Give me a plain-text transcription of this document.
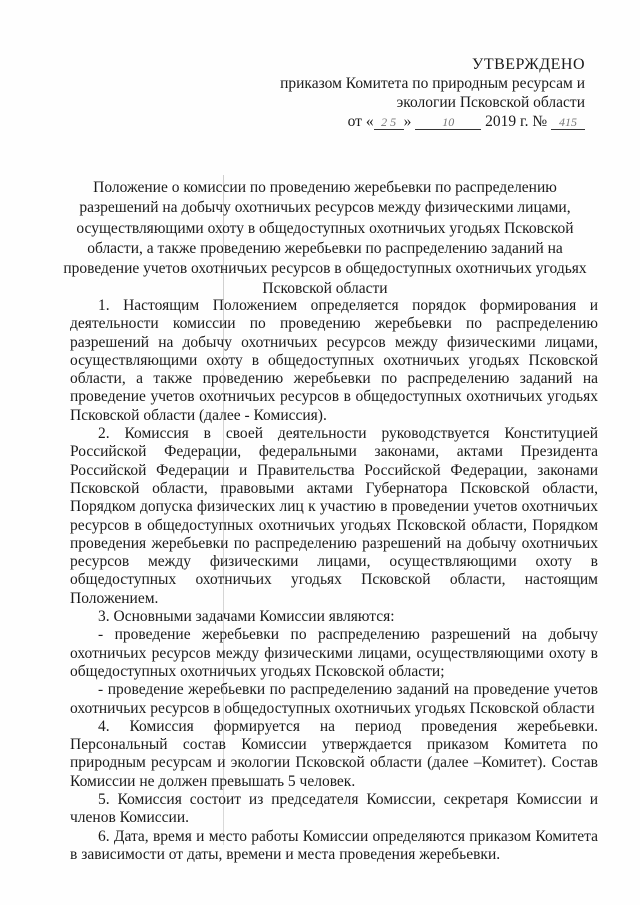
УТВЕРЖДЕНО
приказом Комитета по природным ресурсам и
экологии Псковской области
от « 2 5 »	10 2019 г. № 415
Положение о комиссии по проведению жеребьевки по распределению разрешений на добычу охотничьих ресурсов между физическими лицами, осуществляющими охоту в общедоступных охотничьих угодьях Псковской области, а также проведению жеребьевки по распределению заданий на проведение учетов охотничьих ресурсов в общедоступных охотничьих угодьях Псковской области

1. Настоящим Положением определяется порядок формирования и деятельности комиссии по проведению жеребьевки по распределению разрешений на добычу охотничьих ресурсов между физическими лицами, осуществляющими охоту в общедоступных охотничьих угодьях Псковской области, а также проведению жеребьевки по распределению заданий на проведение учетов охотничьих ресурсов в общедоступных охотничьих угодьях Псковской области (далее - Комиссия).

2. Комиссия в своей деятельности руководствуется Конституцией Российской Федерации, федеральными законами, актами Президента Российской Федерации и Правительства Российской Федерации, законами Псковской области, правовыми актами Губернатора Псковской области, Порядком допуска физических лиц к участию в проведении учетов охотничьих ресурсов в общедоступных охотничьих угодьях Псковской области, Порядком проведения жеребьевки по распределению разрешений на добычу охотничьих ресурсов между физическими лицами, осуществляющими охоту в общедоступных охотничьих угодьях Псковской области, настоящим Положением.

3. Основными задачами Комиссии являются:

- проведение жеребьевки по распределению разрешений на добычу охотничьих ресурсов между физическими лицами, осуществляющими охоту в общедоступных охотничьих угодьях Псковской области;

- проведение жеребьевки по распределению заданий на проведение учетов охотничьих ресурсов в общедоступных охотничьих угодьях Псковской области

4. Комиссия формируется на период проведения жеребьевки. Персональный состав Комиссии утверждается приказом Комитета по природным ресурсам и экологии Псковской области (далее –Комитет). Состав Комиссии не должен превышать 5 человек.

5. Комиссия состоит из председателя Комиссии, секретаря Комиссии и членов Комиссии.

6. Дата, время и место работы Комиссии определяются приказом Комитета в зависимости от даты, времени и места проведения жеребьевки.
